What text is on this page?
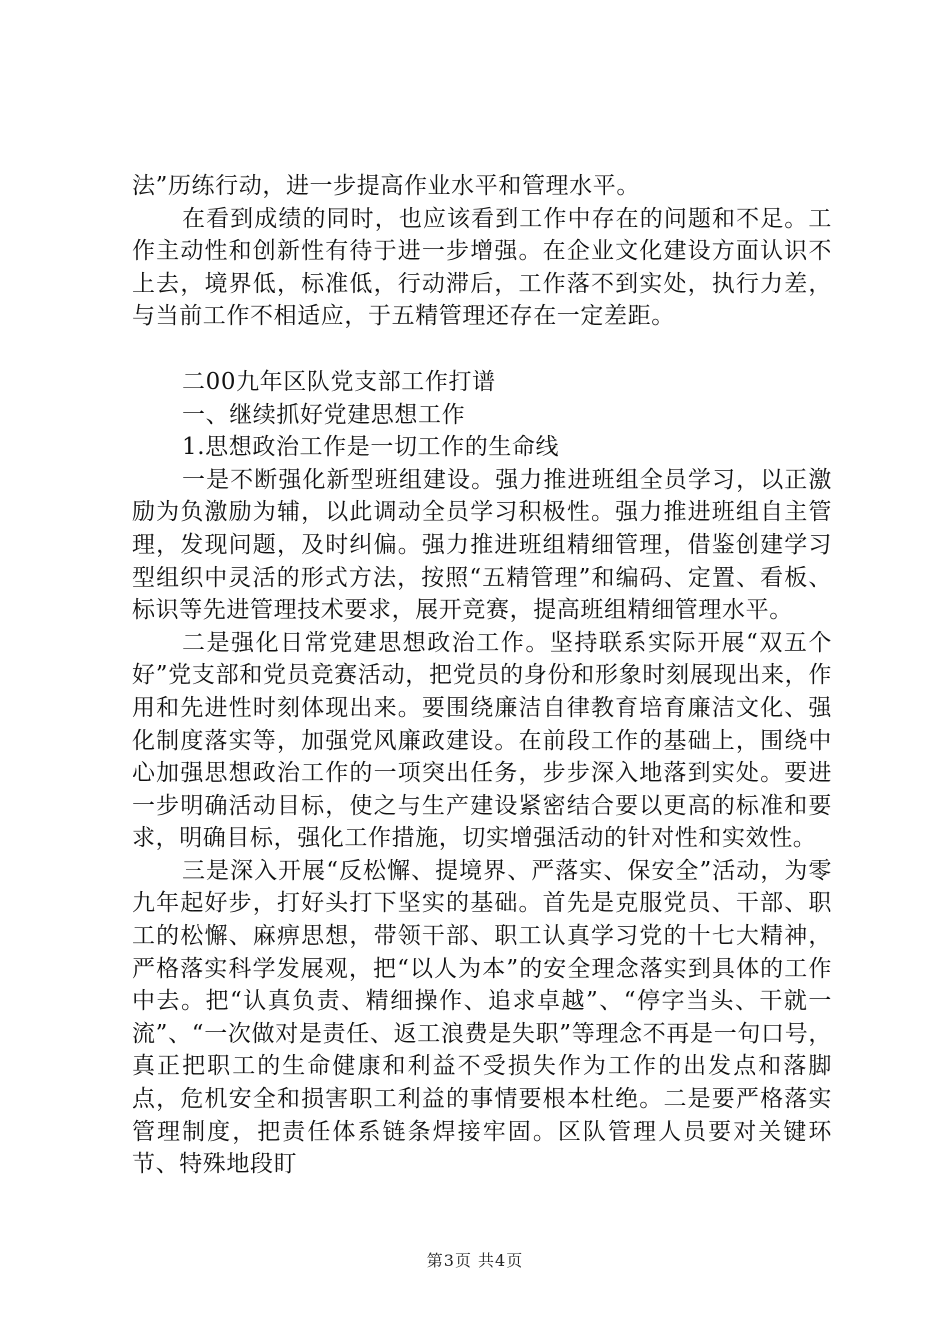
法”历练行动，进一步提高作业水平和管理水平。

在看到成绩的同时，也应该看到工作中存在的问题和不足。工作主动性和创新性有待于进一步增强。在企业文化建设方面认识不上去，境界低，标准低，行动滞后，工作落不到实处，执行力差，与当前工作不相适应，于五精管理还存在一定差距。

二00九年区队党支部工作打谱

一、继续抓好党建思想工作

1.思想政治工作是一切工作的生命线

一是不断强化新型班组建设。强力推进班组全员学习，以正激励为负激励为辅，以此调动全员学习积极性。强力推进班组自主管理，发现问题，及时纠偏。强力推进班组精细管理，借鉴创建学习型组织中灵活的形式方法，按照“五精管理”和编码、定置、看板、标识等先进管理技术要求，展开竞赛，提高班组精细管理水平。

二是强化日常党建思想政治工作。坚持联系实际开展“双五个好”党支部和党员竞赛活动，把党员的身份和形象时刻展现出来，作用和先进性时刻体现出来。要围绕廉洁自律教育培育廉洁文化、强化制度落实等，加强党风廉政建设。在前段工作的基础上，围绕中心加强思想政治工作的一项突出任务，步步深入地落到实处。要进一步明确活动目标，使之与生产建设紧密结合要以更高的标准和要求，明确目标，强化工作措施，切实增强活动的针对性和实效性。

三是深入开展“反松懈、提境界、严落实、保安全”活动，为零九年起好步，打好头打下坚实的基础。首先是克服党员、干部、职工的松懈、麻痹思想，带领干部、职工认真学习党的十七大精神，严格落实科学发展观，把“以人为本”的安全理念落实到具体的工作中去。把“认真负责、精细操作、追求卓越”、“停字当头、干就一流”、“一次做对是责任、返工浪费是失职”等理念不再是一句口号，真正把职工的生命健康和利益不受损失作为工作的出发点和落脚点，危机安全和损害职工利益的事情要根本杜绝。二是要严格落实管理制度，把责任体系链条焊接牢固。区队管理人员要对关键环节、特殊地段盯

第3页 共4页
